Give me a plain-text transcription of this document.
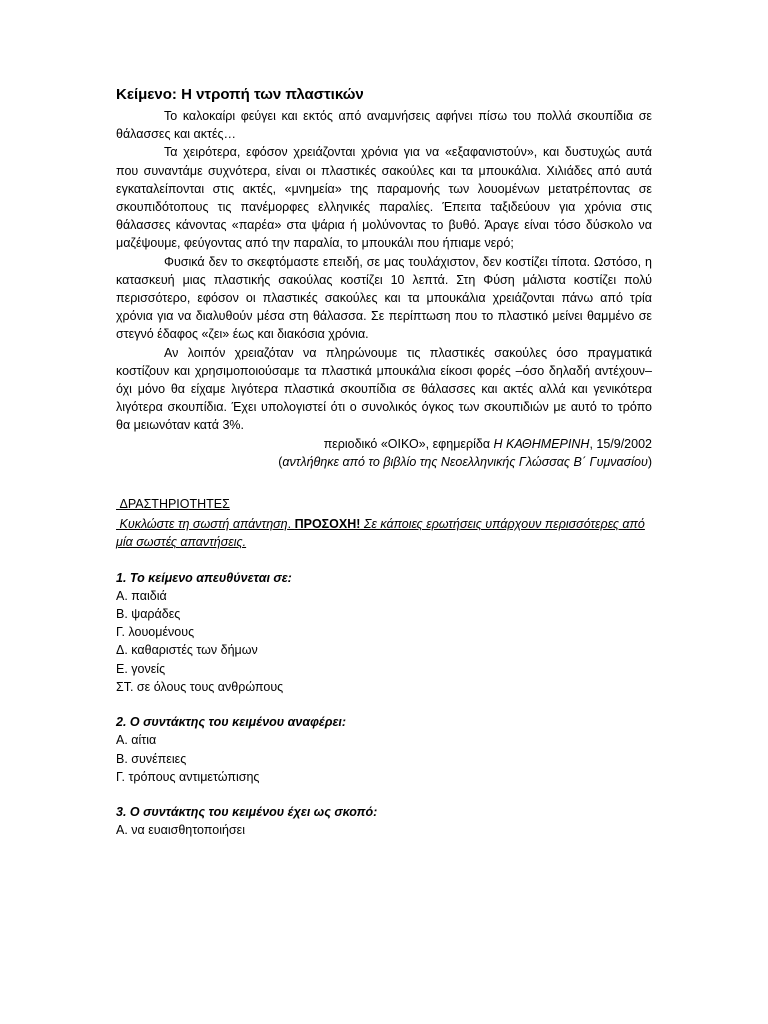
Κείμενο: Η ντροπή των πλαστικών

Το καλοκαίρι φεύγει και εκτός από αναμνήσεις αφήνει πίσω του πολλά σκουπίδια σε θάλασσες και ακτές…

Τα χειρότερα, εφόσον χρειάζονται χρόνια για να «εξαφανιστούν», και δυστυχώς αυτά που συναντάμε συχνότερα, είναι οι πλαστικές σακούλες και τα μπουκάλια. Χιλιάδες από αυτά εγκαταλείπονται στις ακτές, «μνημεία» της παραμονής των λουομένων μετατρέποντας σε σκουπιδότοπους τις πανέμορφες ελληνικές παραλίες. Έπειτα ταξιδεύουν για χρόνια στις θάλασσες κάνοντας «παρέα» στα ψάρια ή μολύνοντας το βυθό. Άραγε είναι τόσο δύσκολο να μαζέψουμε, φεύγοντας από την παραλία, το μπουκάλι που ήπιαμε νερό;

Φυσικά δεν το σκεφτόμαστε επειδή, σε μας τουλάχιστον, δεν κοστίζει τίποτα. Ωστόσο, η κατασκευή μιας πλαστικής σακούλας κοστίζει 10 λεπτά. Στη Φύση μάλιστα κοστίζει πολύ περισσότερο, εφόσον οι πλαστικές σακούλες και τα μπουκάλια χρειάζονται πάνω από τρία χρόνια για να διαλυθούν μέσα στη θάλασσα. Σε περίπτωση που το πλαστικό μείνει θαμμένο σε στεγνό έδαφος «ζει» έως και διακόσια χρόνια.

Αν λοιπόν χρειαζόταν να πληρώνουμε τις πλαστικές σακούλες όσο πραγματικά κοστίζουν και χρησιμοποιούσαμε τα πλαστικά μπουκάλια είκοσι φορές –όσο δηλαδή αντέχουν– όχι μόνο θα είχαμε λιγότερα πλαστικά σκουπίδια σε θάλασσες και ακτές αλλά και γενικότερα λιγότερα σκουπίδια. Έχει υπολογιστεί ότι ο συνολικός όγκος των σκουπιδιών με αυτό το τρόπο θα μειωνόταν κατά 3%.

περιοδικό «ΟΙΚΟ», εφημερίδα Η ΚΑΘΗΜΕΡΙΝΗ, 15/9/2002

(αντλήθηκε από το βιβλίο της Νεοελληνικής Γλώσσας Β΄ Γυμνασίου)

ΔΡΑΣΤΗΡΙΟΤΗΤΕΣ

Κυκλώστε τη σωστή απάντηση. ΠΡΟΣΟΧΗ! Σε κάποιες ερωτήσεις υπάρχουν περισσότερες από μία σωστές απαντήσεις.

1. Το κείμενο απευθύνεται σε:

Α. παιδιά

Β. ψαράδες

Γ. λουομένους

Δ. καθαριστές των δήμων

Ε. γονείς

ΣΤ. σε όλους τους ανθρώπους

2. Ο συντάκτης του κειμένου αναφέρει:

Α. αίτια

Β. συνέπειες

Γ. τρόπους αντιμετώπισης

3. Ο συντάκτης του κειμένου έχει ως σκοπό:

Α. να ευαισθητοποιήσει
